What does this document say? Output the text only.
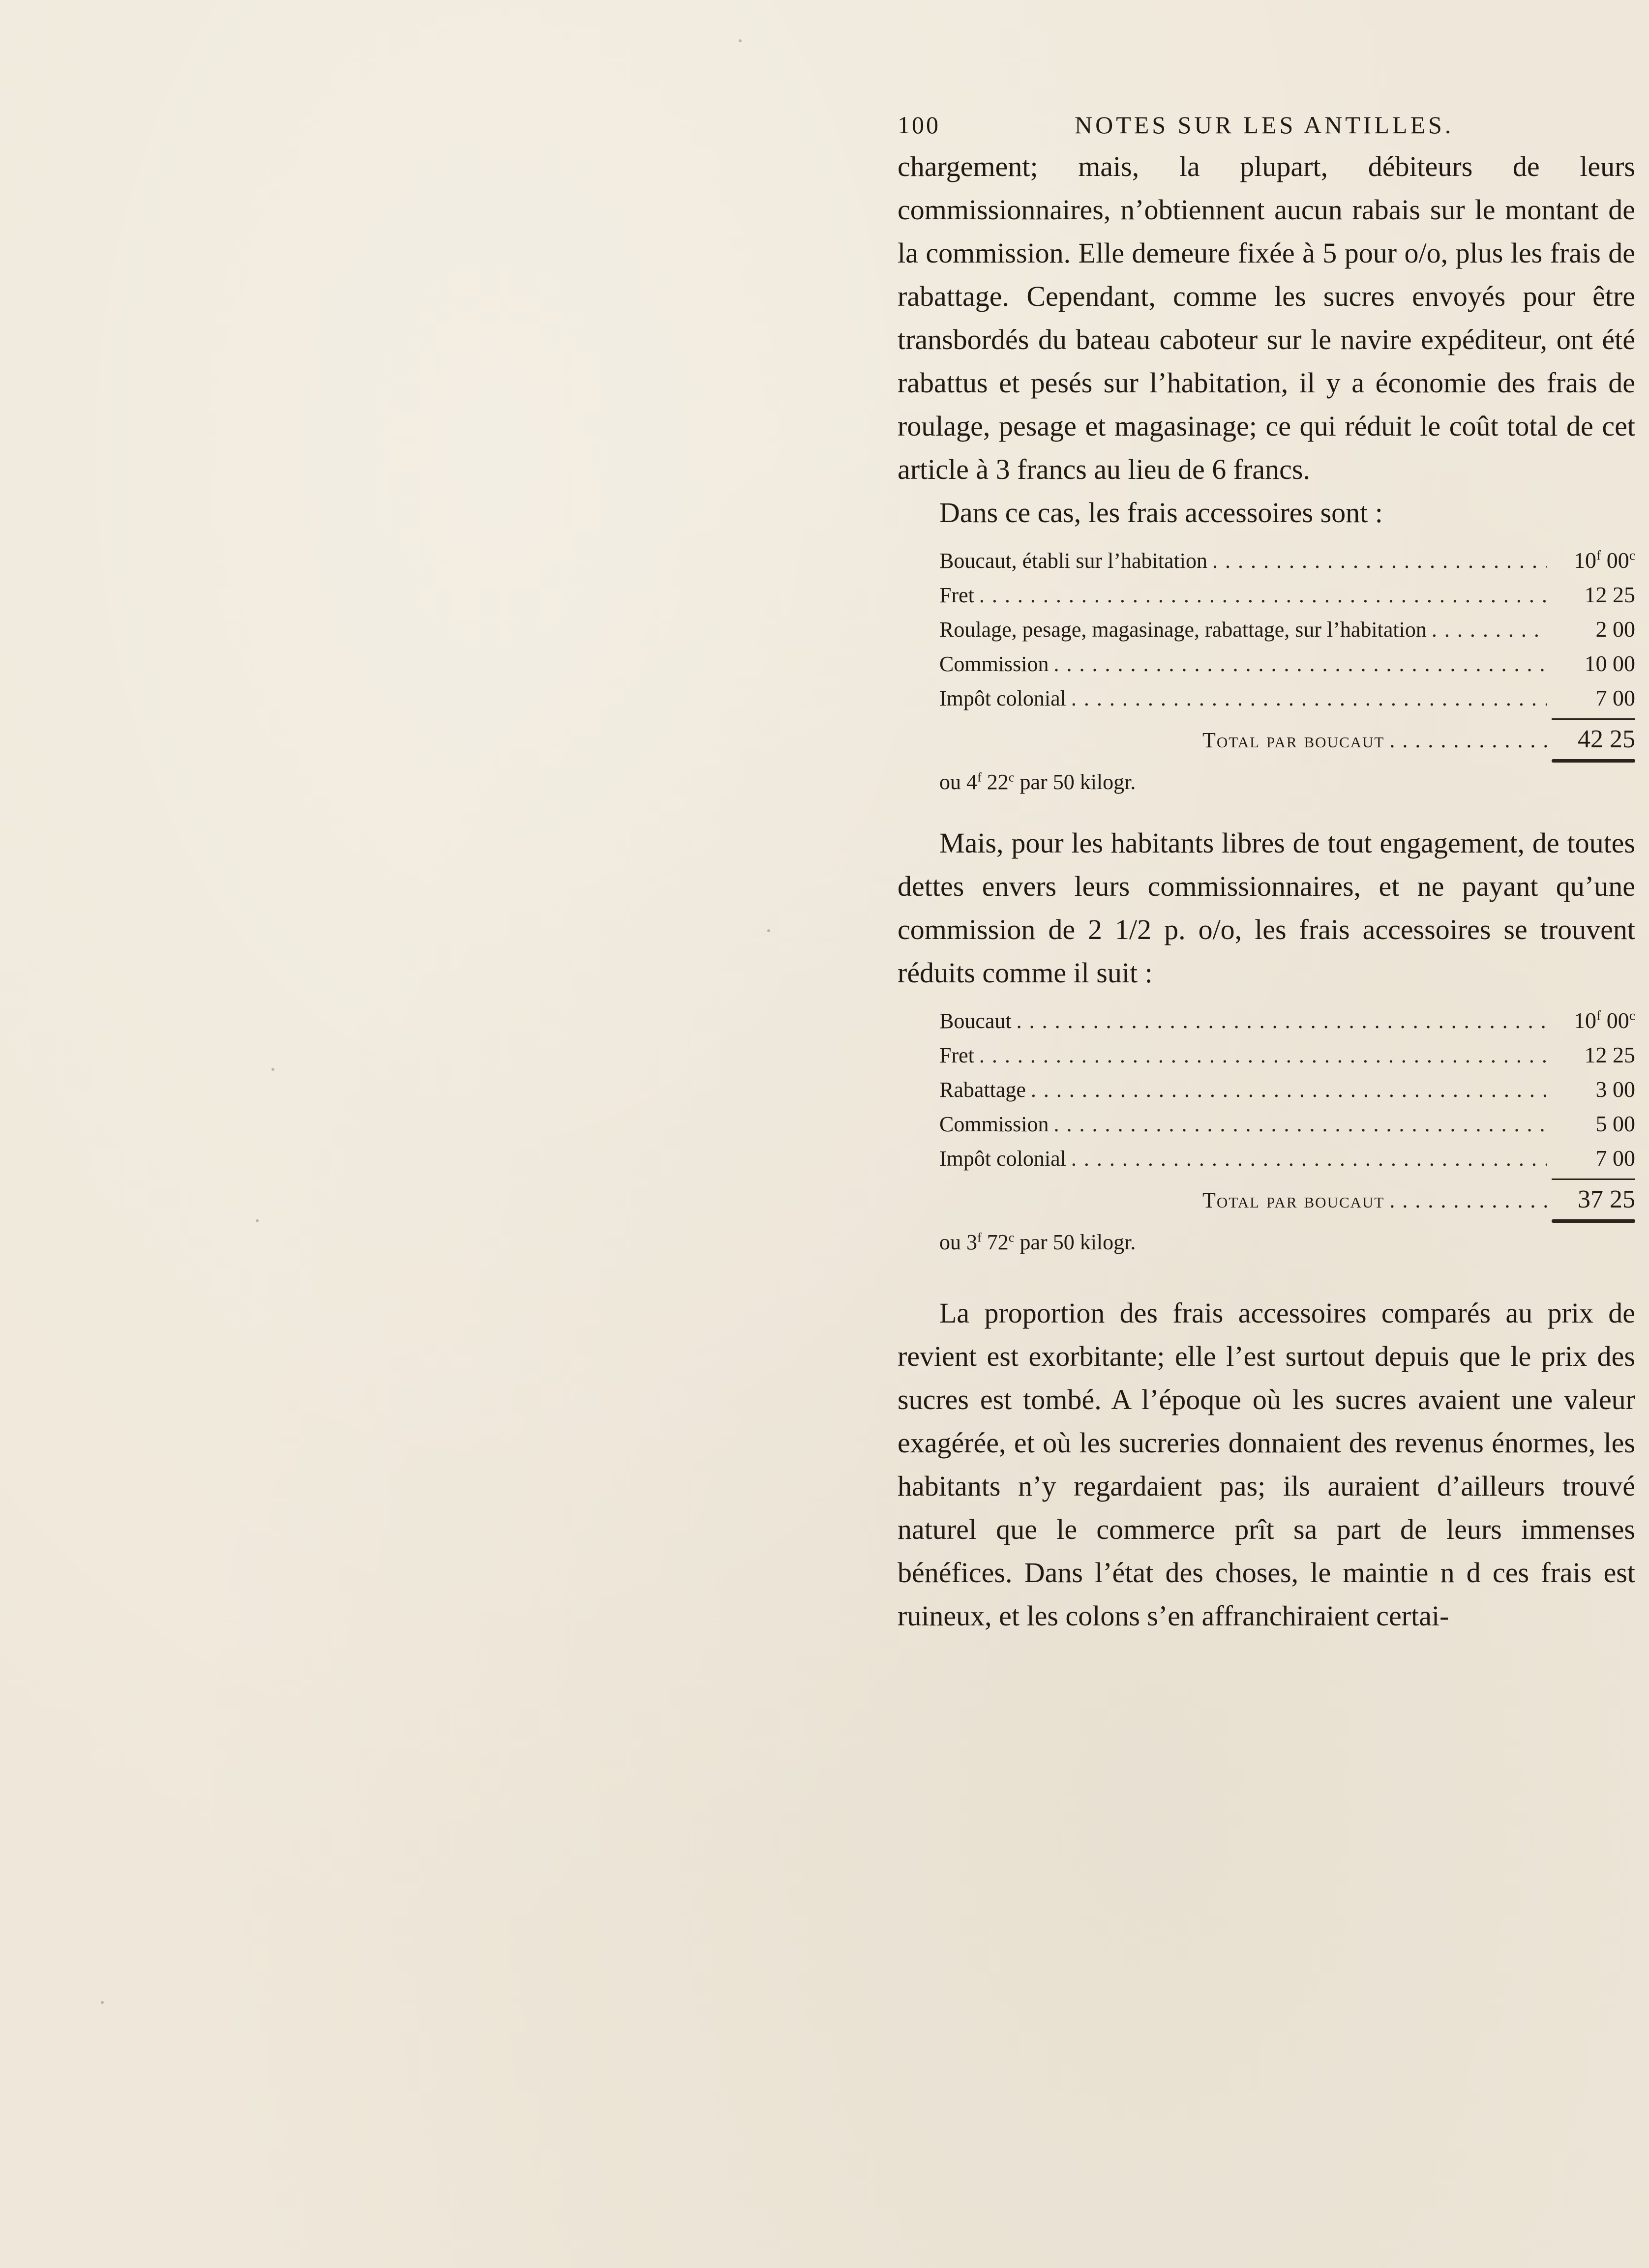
100	NOTES SUR LES ANTILLES.

chargement; mais, la plupart, débiteurs de leurs commissionnaires, n’obtiennent aucun rabais sur le montant de la commission. Elle demeure fixée à 5 pour o/o, plus les frais de rabattage. Cependant, comme les sucres envoyés pour être transbordés du bateau caboteur sur le navire expéditeur, ont été rabattus et pesés sur l’habitation, il y a économie des frais de roulage, pesage et magasinage; ce qui réduit le coût total de cet article à 3 francs au lieu de 6 francs.

Dans ce cas, les frais accessoires sont :

Boucaut, établi sur l’habitation . . .	10$^f$ 00$^c$
Fret . . .	12 25
Roulage, pesage, magasinage, rabattage, sur l’habitation . . .	2 00
Commission . . .	10 00
Impôt colonial . . .	7 00
Total par boucaut . . .	42 25
ou 4$^f$ 22$^c$ par 50 kilogr.

Mais, pour les habitants libres de tout engagement, de toutes dettes envers leurs commissionnaires, et ne payant qu’une commission de 2 1/2 p. o/o, les frais accessoires se trouvent réduits comme il suit :

Boucaut . . .	10$^f$ 00$^c$
Fret . . .	12 25
Rabattage . . .	3 00
Commission . . .	5 00
Impôt colonial . . .	7 00
Total par boucaut . . .	37 25
ou 3$^f$ 72$^c$ par 50 kilogr.

La proportion des frais accessoires comparés au prix de revient est exorbitante; elle l’est surtout depuis que le prix des sucres est tombé. A l’époque où les sucres avaient une valeur exagérée, et où les sucreries donnaient des revenus énormes, les habitants n’y regardaient pas; ils auraient d’ailleurs trouvé naturel que le commerce prît sa part de leurs immenses bénéfices. Dans l’état des choses, le maintie n d ces frais est ruineux, et les colons s’en affranchiraient certai-
